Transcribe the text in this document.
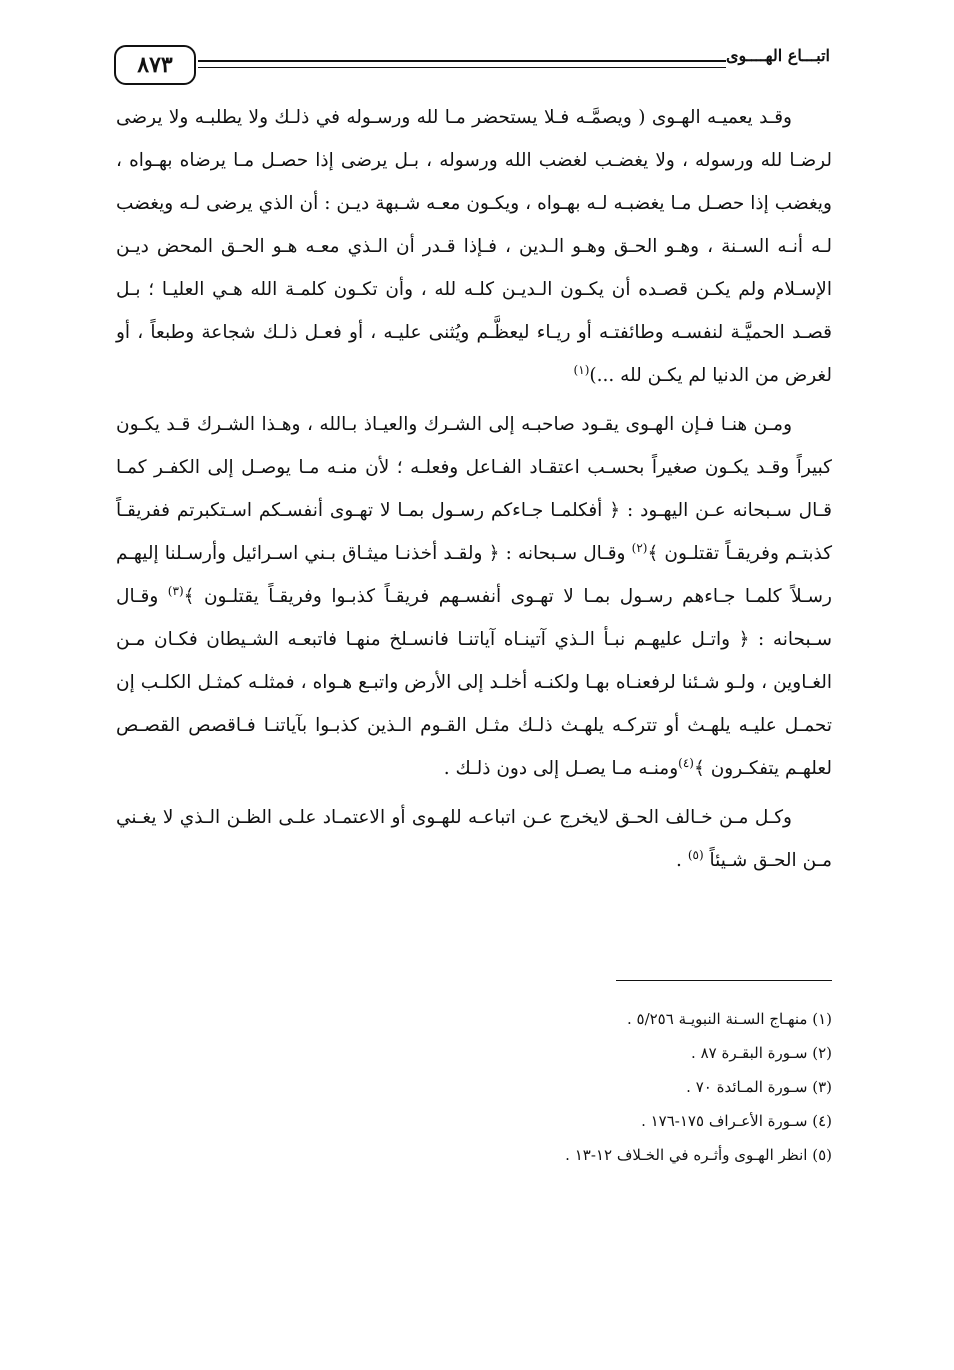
اتبـــاع الهــــوى
٨٧٣

وقـد يعميـه الهـوى ( ويصمَّـه فـلا يستحضر مـا لله ورسـوله في ذلـك ولا يطلبـه ولا يرضى لرضـا لله ورسوله ، ولا يغضـب لغضب الله ورسوله ، بـل يرضى إذا حصـل مـا يرضاه بهـواه ، ويغضب إذا حصـل مـا يغضبـه لـه بهـواه ، ويكـون معـه شـبهة ديـن : أن الذي يرضى لـه ويغضب لـه أنـه السـنة ، وهـو الحـق وهـو الـدين ، فـإذا قـدر أن الـذي معـه هـو الحـق المحض ديـن الإسـلام ولم يكـن قصـده أن يكـون الـديـن كلـه لله ، وأن تكـون كلمـة الله هـي العليـا ؛ بـل قصـد الحميَّـة لنفسـه وطائفتـه أو ريـاء ليعظَّـم ويُثنى عليـه ، أو فعـل ذلـك شجاعة وطبعاً ، أو لغرض من الدنيا لم يكـن لله ...)$^{(١)}$

ومـن هنـا فـإن الهـوى يقـود صاحبـه إلى الشـرك والعيـاذ بـالله ، وهـذا الشـرك قـد يكـون كبيراً وقـد يكـون صغيراً بحسـب اعتقـاد الفـاعل وفعلـه ؛ لأن منـه مـا يوصـل إلى الكفـر كمـا قـال سـبحانه عـن اليهـود : ﴿ أفكلمـا جـاءكم رسـول بمـا لا تهـوى أنفسـكم اسـتكبرتم ففريقـاً كذبتـم وفريقـاً تقتلـون ﴾$^{(٢)}$ وقـال سـبحانه : ﴿ ولقـد أخذنـا ميثـاق بـني اسـرائيل وأرسـلنا إليهـم رسـلاً كلمـا جـاءهم رسـول بمـا لا تهـوى أنفسـهم فريقـاً كذبـوا وفريقـاً يقتلـون ﴾$^{(٣)}$ وقـال سـبحانه : ﴿ واتـل عليهـم نبـأ الـذي آتينـاه آياتنـا فانسـلخ منهـا فاتبعـه الشـيطان فكـان مـن الغـاوين ، ولـو شـئنا لرفعنـاه بهـا ولكنـه أخلـد إلى الأرض واتبـع هـواه ، فمثلـه كمثـل الكلـب إن تحمـل عليـه يلهـث أو تتركـه يلهـث ذلـك مثـل القـوم الـذين كذبـوا بآياتنـا فـاقصص القصـص لعلهـم يتفكـرون ﴾$^{(٤)}$ومنـه مـا يصـل إلى دون ذلـك .

وكـل مـن خـالف الحـق لايخرج عـن اتباعـه للهـوى أو الاعتمـاد علـى الظـن الـذي لا يغـني مـن الحـق شـيئاً $^{(٥)}$ .

(١) منهـاج السـنة النبويـة ٥/٢٥٦ .
(٢) سـورة البقـرة ٨٧ .
(٣) سـورة المـائدة ٧٠ .
(٤) سـورة الأعـراف ١٧٥-١٧٦ .
(٥) انظر الهـوى وأثـره في الخـلاف ١٢-١٣ .
